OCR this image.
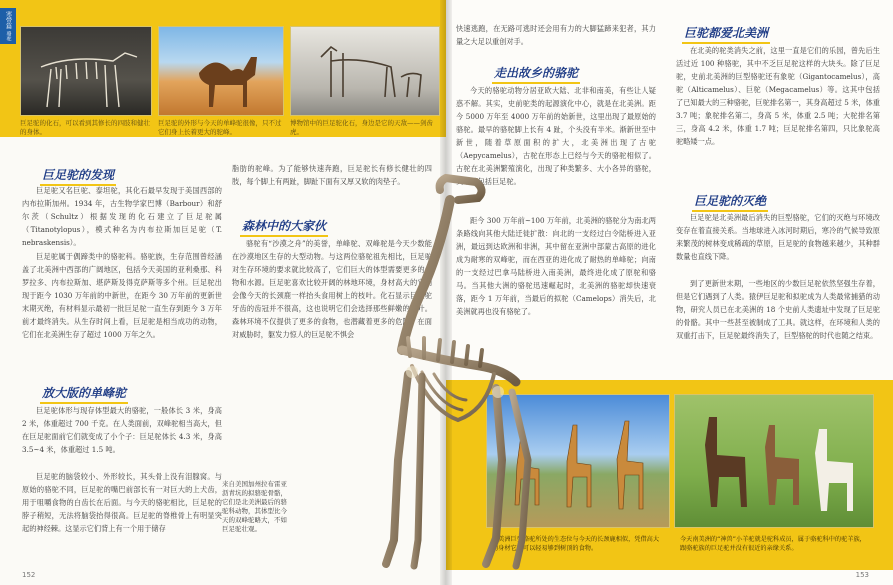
寒带篇
骆驼
巨足驼的化石，可以看到其修长的四肢和健壮的身体。
巨足驼的外形与今天的单峰驼很像，只不过它们身上长着更大的驼峰。
博物馆中的巨足驼化石，身边是它的天敌——剑齿虎。
巨足驼的发现
巨足驼又名巨驼、泰坦驼，其化石最早发现于美国西部的内布拉斯加州。1934 年，古生物学家巴博（Barbour）和舒尔茨（Schultz）根据发现的化石建立了巨足驼属（Titanotylopus），模式种名为内布拉斯加巨足驼（T. nebraskensis）。
巨足驼属于偶蹄类中的骆驼科。骆驼族，生存范围曾经涵盖了北美洲中西部的广阔地区，包括今天美国的亚利桑那、科罗拉多、内布拉斯加、堪萨斯及得克萨斯等多个州。巨足驼出现于距今 1030 万年前的中新世，在距今 30 万年前的更新世末期灭绝，有材料显示最初一批巨足驼一直生存到距今 3 万年前才最终消失。从生存时间上看，巨足驼是相当成功的动物，它们在北美洲生存了超过 1000 万年之久。
放大版的单峰驼
巨足驼体形与现存体型最大的骆驼，一般体长 3 米，身高 2 米，体重超过 700 千克。在人类面前，双峰驼相当高大，但在巨足驼面前它们就变成了小个子：巨足驼体长 4.3 米，身高 3.5~4 米，体重超过 1.5 吨。
巨足驼的脑袋较小、外形较长，其头骨上没有泪腺窝。与原始的骆驼不同，巨足驼的嘴巴前部长有一对巨大的上犬齿，用于咀嚼食物的白齿长在后面。与今天的骆驼相比，巨足驼的脖子稍短，无法将脑袋抬得很高。巨足驼的脊椎骨上有明显突起的神经棘。这显示它们背上有一个用于储存
脂肪的驼峰。为了能够快速奔跑，巨足驼长有修长健壮的四肢，每个脚上有两趾，脚趾下面有又厚又软的肉垫子。
森林中的大家伙
骆驼有“沙漠之舟”的美誉，单峰驼、双峰驼是今天少数能在沙漠地区生存的大型动物。与这两位骆驼祖先相比，巨足驼对生存环境的要求就比较高了，它们巨大的体型需要更多的食物和水源。巨足驼喜欢比较开阔的林地环境，身材高大的它们会像今天的长颈鹿一样抬头食用树上的枝叶。化石显示巨足驼牙齿的齿冠并不很高，这也说明它们会选择那些鲜嫩的枝叶。森林环境不仅提供了更多的食物，也潜藏着更多的危险。在面对威胁时，躯发力惊人的巨足驼不惧会
152
快速逃跑，在无路可逃时还会用有力的大脚猛蹄来犯者，其力量之大足以重创对手。
走出故乡的骆驼
今天的骆驼动物分居亚欧大陆、北非和南美，有些让人疑惑不解。其实，史前驼类的起源演化中心，就是在北美洲。距今 5000 万年至 4000 万年前的始新世，这里出现了最原始的骆驼。最早的骆驼脚上长有 4 趾，个头没有半米。渐新世至中新世，随着草原面积的扩大，北美洲出现了古驼（Aepycamelus），古驼在形态上已经与今天的骆驼相似了。古驼在北美洲繁殖演化，出现了种类繁多、大小各异的骆驼，其中就包括巨足驼。
距今 300 万年前~100 万年前，北美洲的骆驼分为南北两条路线向其他大陆迁徙扩散：向北的一支经过白令陆桥进入亚洲，最远到达欧洲和非洲，其中留在亚洲中部蒙古高原的进化成为耐寒的双峰驼，而在西亚的进化成了耐热的单峰驼；向南的一支经过巴拿马陆桥进入南美洲，最终进化成了原驼和骆马。当其他大洲的骆驼迅速崛起时，北美洲的骆驼却快速衰落，距今 1 万年前，当最后的拟驼（Camelops）消失后，北美洲就再也没有骆驼了。
巨驼都爱北美洲
在北美的驼类消失之前，这里一直是它们的乐园，曾先后生活过近 100 种骆驼，其中不乏巨足驼这样的大块头。除了巨足驼，史前北美洲的巨型骆驼还有象驼（Gigantocamelus），高驼（Alticamelus）、巨驼（Megacamelus）等。这其中包括了已知最大的三种骆驼，巨驼排名第一，其身高超过 5 米，体重 3.7 吨；象驼排名第二，身高 5 米，体重 2.5 吨；大驼排名第三，身高 4.2 米，体重 1.7 吨；巨足驼排名第四，只比象驼高驼略矮一点。
巨足驼的灭绝
巨足驼是北美洲最后消失的巨型骆驼，它们的灭绝与环境改变存在着直接关系。当地球进入冰河时期后，寒冷的气候导致原来繁茂的树林变成稀疏的草原，巨足驼的食物越来越少，其种群数量也直线下降。
到了更新世末期，一些地区的少数巨足驼依然坚强生存着，但是它们遇到了人类。猿伊巨足驼和拟驼成为人类最常捕猎的动物，研究人员已在北美洲的 18 个史前人类遗址中发现了巨足驼的骨骼。其中一些甚至被制成了工具。就这样，在环境和人类的双重打击下，巨足驼最终消失了，巨型骆驼的时代也随之结束。
北美洲巨型骆驼所处的生态位与今天的长颈鹿相似，凭借高大的身材它们可以轻易够到树顶的食物。
今天南美洲的“神兽”小羊驼就是驼科成员，属于骆驼科中的驼羊族，跟骆驼族的巨足驼并没有很近的亲缘关系。
153
来自美国加州拉布雷亚沥青坑的拟骆驼骨骼，它们是北美洲最后的骆驼科动物，其体型比今天的双峰驼略大，不如巨足驼壮观。
